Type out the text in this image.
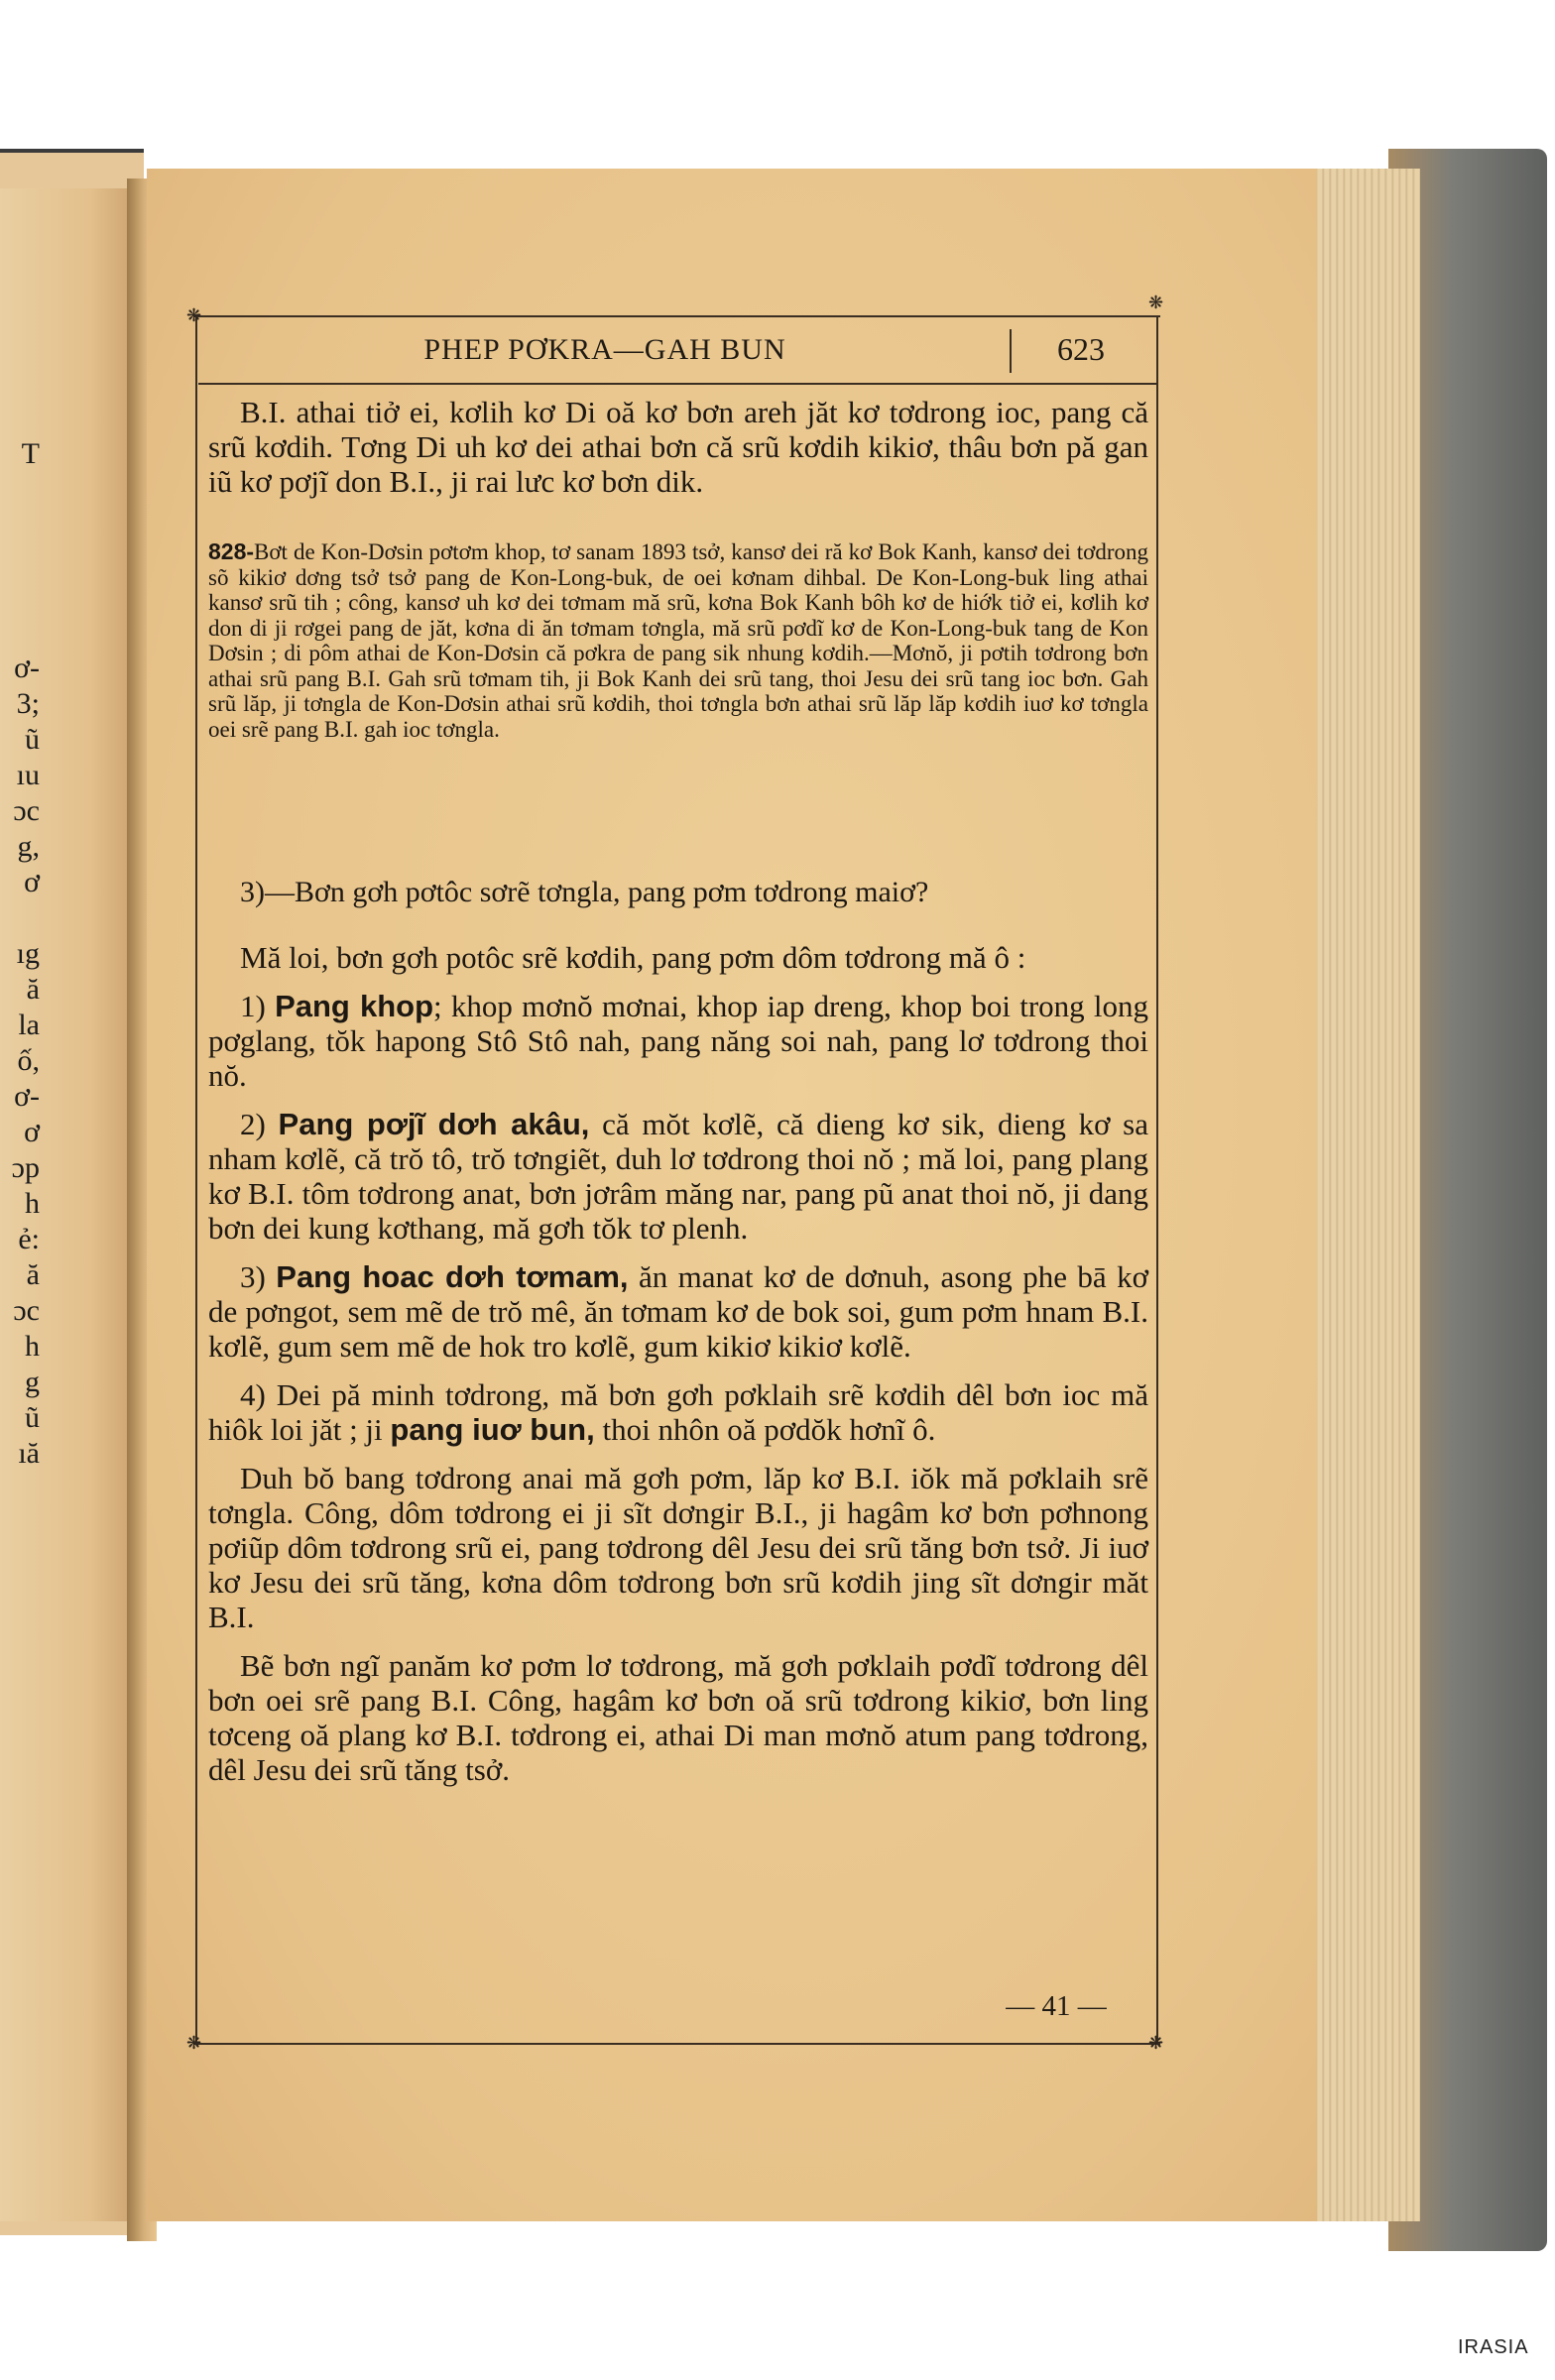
T
ơ-
3;
ũ
ıu
ɔc
g,
ơ
ıg
ă
la
ố,
ơ-
ơ
ɔp
h
ẻ:
ă
ɔc
h
g
ũ
ıă
❋
❋
❋	❋
PHEP PƠKRA—GAH BUN	623

B.I. athai tiở ei, kơlih kơ Di oă kơ bơn areh jăt kơ tơdrong ioc, pang că srũ kơdih. Tơng Di uh kơ dei athai bơn că srũ kơdih kikiơ, thâu bơn pă gan iũ kơ pơjĩ don B.I., ji rai lưc kơ bơn dik.

828-Bơt de Kon-Dơsin pơtơm khop, tơ sanam 1893 tsở, kansơ dei ră kơ Bok Kanh, kansơ dei tơdrong sõ kikiơ dơng tsở tsở pang de Kon-Long-buk, de oei kơnam dihbal. De Kon-Long-buk ling athai kansơ srũ tih ; công, kansơ uh kơ dei tơmam mă srũ, kơna Bok Kanh bôh kơ de hiớk tiở ei, kơlih kơ don di ji rơgei pang de jăt, kơna di ăn tơmam tơngla, mă srũ pơdĩ kơ de Kon-Long-buk tang de Kon Dơsin ; di pôm athai de Kon-Dơsin că pơkra de pang sik nhung kơdih.—Mơnŏ, ji pơtih tơdrong bơn athai srũ pang B.I. Gah srũ tơmam tih, ji Bok Kanh dei srũ tang, thoi Jesu dei srũ tang ioc bơn. Gah srũ lăp, ji tơngla de Kon-Dơsin athai srũ kơdih, thoi tơngla bơn athai srũ lăp lăp kơdih iuơ kơ tơngla oei srẽ pang B.I. gah ioc tơngla.

3)—Bơn gơh pơtôc sơrẽ tơngla, pang pơm tơdrong maiơ?

Mă loi, bơn gơh potôc srẽ kơdih, pang pơm dôm tơdrong mă ô :

1) Pang khop; khop mơnŏ mơnai, khop iap dreng, khop boi trong long pơglang, tŏk hapong Stô Stô nah, pang năng soi nah, pang lơ tơdrong thoi nŏ.

2) Pang pơjĩ dơh akâu, că mŏt kơlẽ, că dieng kơ sik, dieng kơ sa nham kơlẽ, că trŏ tô, trŏ tơngiẽt, duh lơ tơdrong thoi nŏ ; mă loi, pang plang kơ B.I. tôm tơdrong anat, bơn jơrâm măng nar, pang pũ anat thoi nŏ, ji dang bơn dei kung kơthang, mă gơh tŏk tơ plenh.

3) Pang hoac dơh tơmam, ăn manat kơ de dơnuh, asong phe bā kơ de pơngot, sem mẽ de trŏ mê, ăn tơmam kơ de bok soi, gum pơm hnam B.I. kơlẽ, gum sem mẽ de hok tro kơlẽ, gum kikiơ kikiơ kơlẽ.

4) Dei pă minh tơdrong, mă bơn gơh pơklaih srẽ kơdih dêl bơn ioc mă hiôk loi jăt ; ji pang iuơ bun, thoi nhôn oă pơdŏk hơnĩ ô.

Duh bŏ bang tơdrong anai mă gơh pơm, lăp kơ B.I. iŏk mă pơklaih srẽ tơngla. Công, dôm tơdrong ei ji sĩt dơngir B.I., ji hagâm kơ bơn pơhnong pơiũp dôm tơdrong srũ ei, pang tơdrong dêl Jesu dei srũ tăng bơn tsở. Ji iuơ kơ Jesu dei srũ tăng, kơna dôm tơdrong bơn srũ kơdih jing sĩt dơngir măt B.I.

Bẽ bơn ngĩ panăm kơ pơm lơ tơdrong, mă gơh pơklaih pơdĩ tơdrong dêl bơn oei srẽ pang B.I. Công, hagâm kơ bơn oă srũ tơdrong kikiơ, bơn ling tơceng oă plang kơ B.I. tơdrong ei, athai Di man mơnŏ atum pang tơdrong, dêl Jesu dei srũ tăng tsở.

— 41 —
IRASIA
